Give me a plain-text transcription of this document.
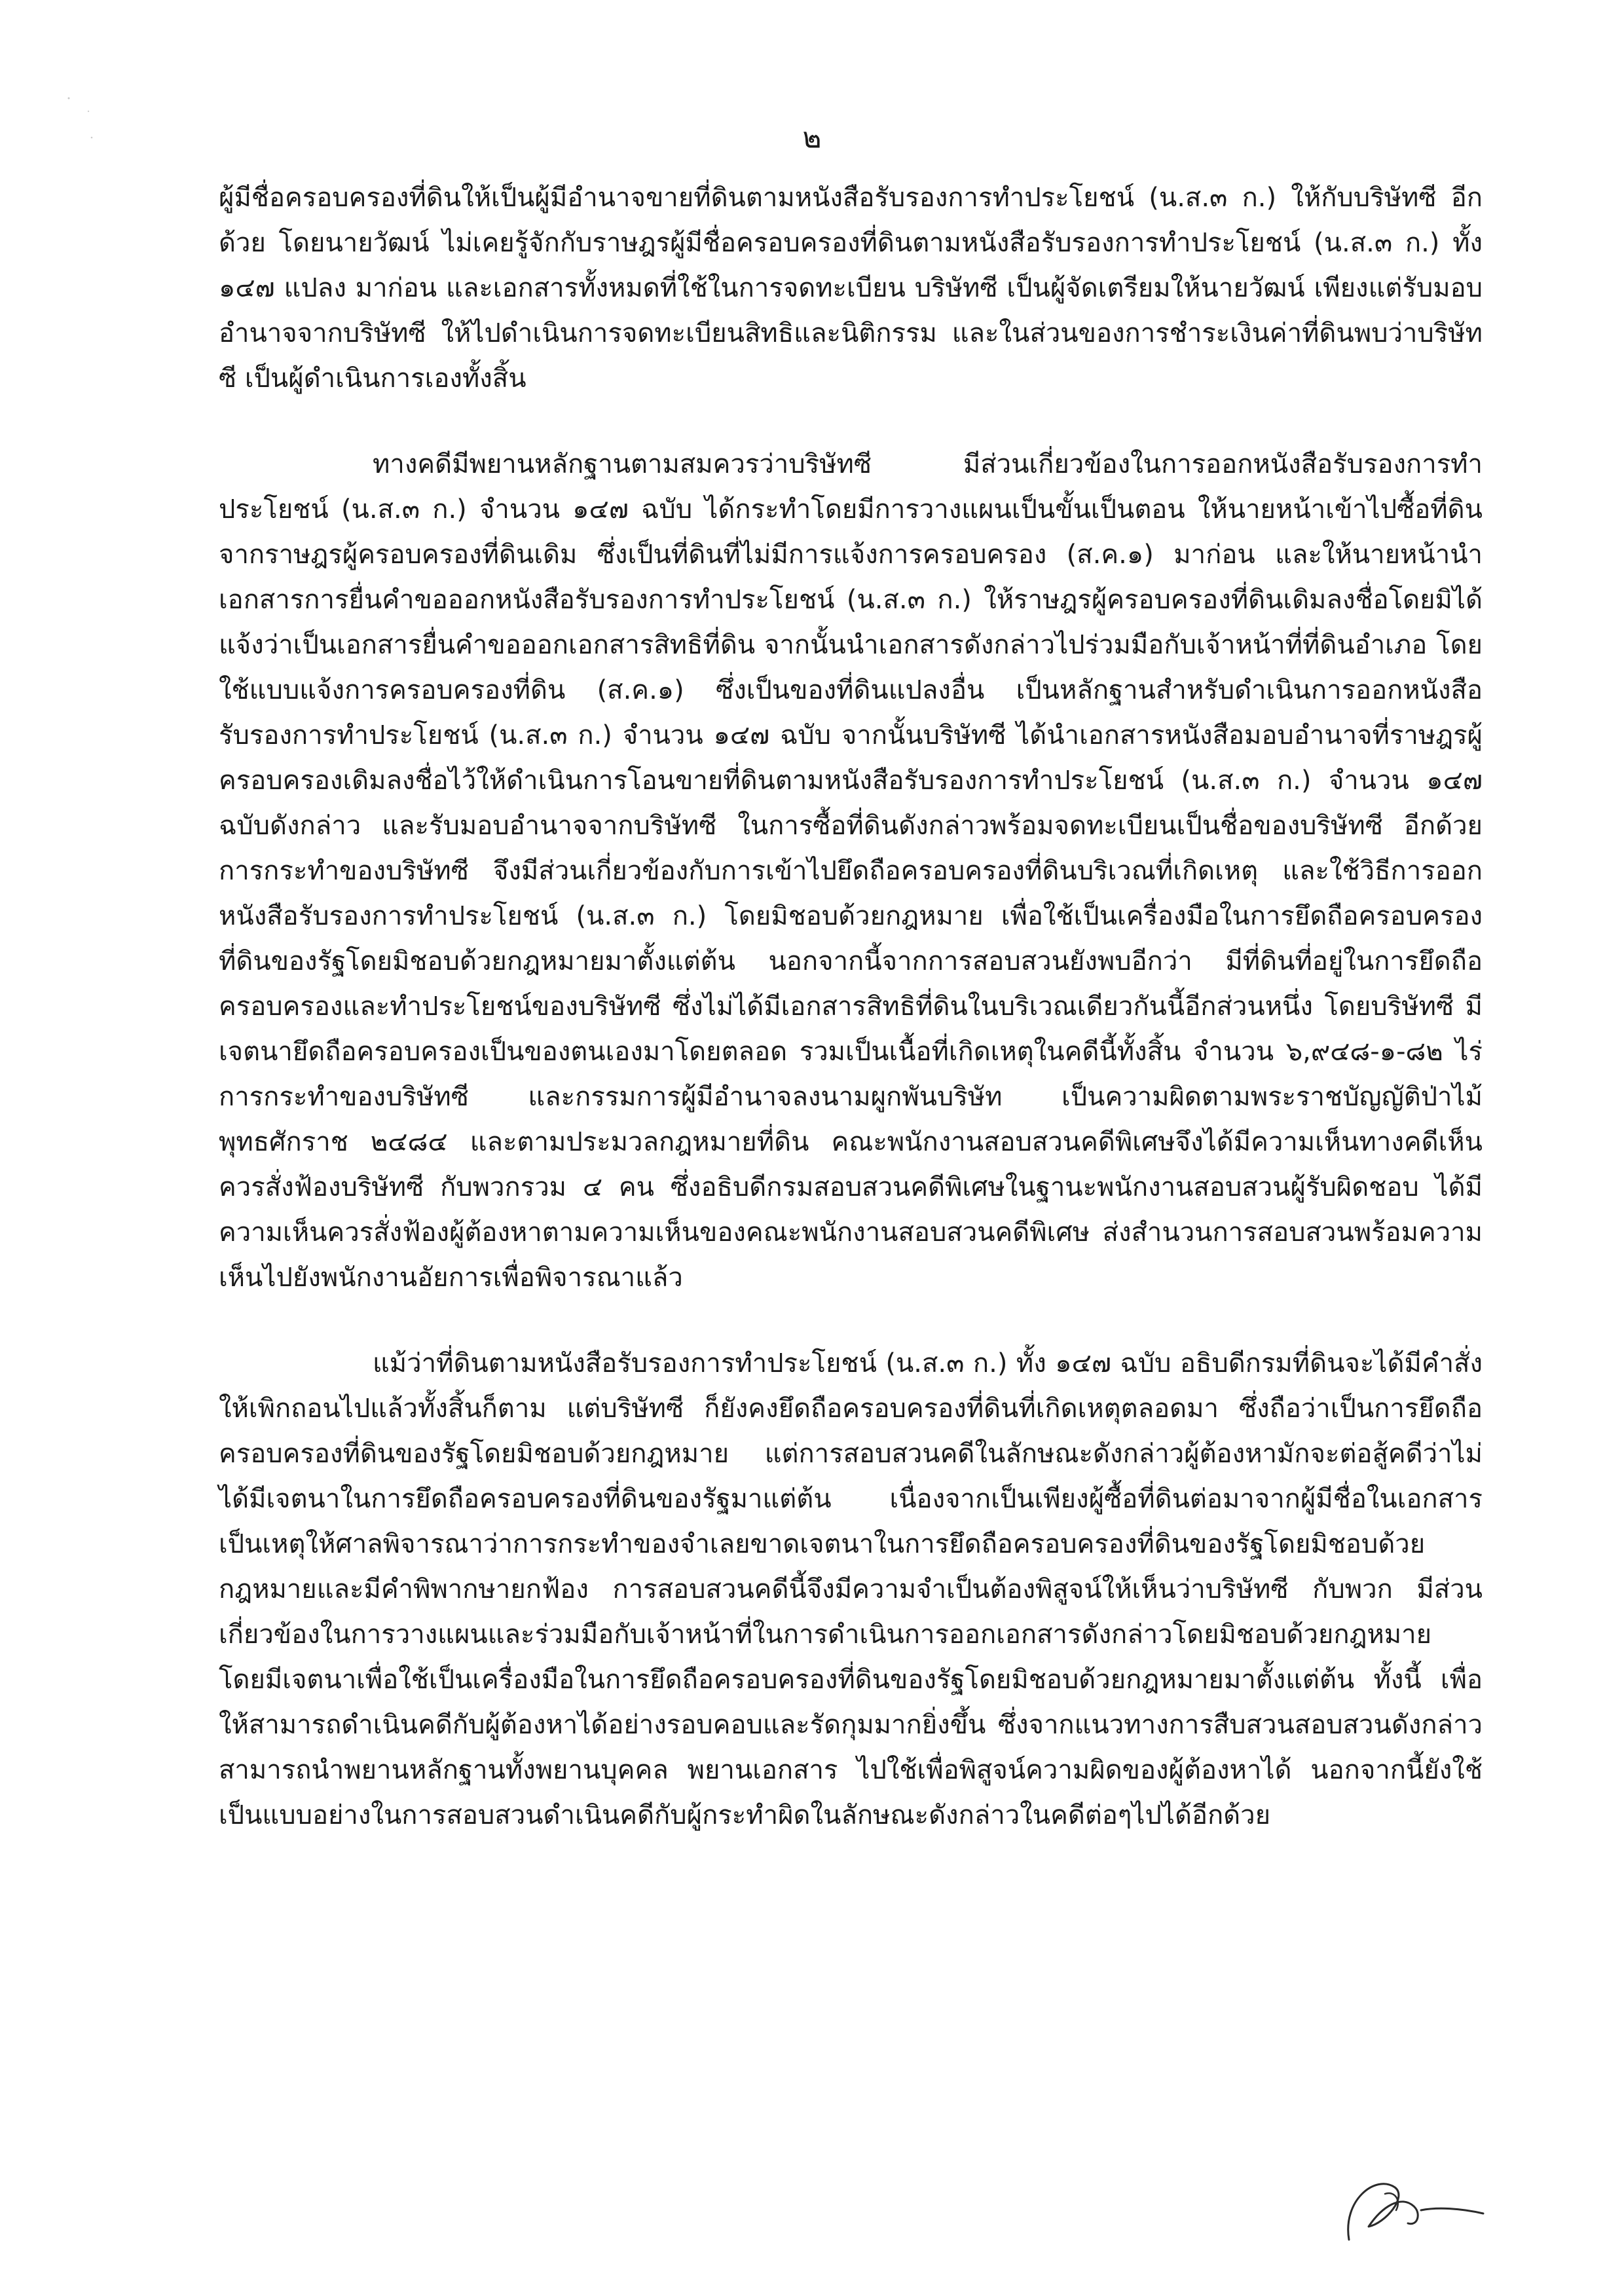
๒

ผู้มีชื่อครอบครองที่ดินให้เป็นผู้มีอำนาจขายที่ดินตามหนังสือรับรองการทำประโยชน์ (น.ส.๓ ก.) ให้กับบริษัทซี อีกด้วย โดยนายวัฒน์ ไม่เคยรู้จักกับราษฎรผู้มีชื่อครอบครองที่ดินตามหนังสือรับรองการทำประโยชน์ (น.ส.๓ ก.) ทั้ง ๑๔๗ แปลง มาก่อน และเอกสารทั้งหมดที่ใช้ในการจดทะเบียน บริษัทซี เป็นผู้จัดเตรียมให้นายวัฒน์ เพียงแต่รับมอบอำนาจจากบริษัทซี ให้ไปดำเนินการจดทะเบียนสิทธิและนิติกรรม และในส่วนของการชำระเงินค่าที่ดินพบว่าบริษัทซี เป็นผู้ดำเนินการเองทั้งสิ้น

ทางคดีมีพยานหลักฐานตามสมควรว่าบริษัทซี มีส่วนเกี่ยวข้องในการออกหนังสือรับรองการทำประโยชน์ (น.ส.๓ ก.) จำนวน ๑๔๗ ฉบับ ได้กระทำโดยมีการวางแผนเป็นขั้นเป็นตอน ให้นายหน้าเข้าไปซื้อที่ดินจากราษฎรผู้ครอบครองที่ดินเดิม ซึ่งเป็นที่ดินที่ไม่มีการแจ้งการครอบครอง (ส.ค.๑) มาก่อน และให้นายหน้านำเอกสารการยื่นคำขอออกหนังสือรับรองการทำประโยชน์ (น.ส.๓ ก.) ให้ราษฎรผู้ครอบครองที่ดินเดิมลงชื่อโดยมิได้แจ้งว่าเป็นเอกสารยื่นคำขอออกเอกสารสิทธิที่ดิน จากนั้นนำเอกสารดังกล่าวไปร่วมมือกับเจ้าหน้าที่ที่ดินอำเภอ โดยใช้แบบแจ้งการครอบครองที่ดิน (ส.ค.๑) ซึ่งเป็นของที่ดินแปลงอื่น เป็นหลักฐานสำหรับดำเนินการออกหนังสือรับรองการทำประโยชน์ (น.ส.๓ ก.) จำนวน ๑๔๗ ฉบับ จากนั้นบริษัทซี ได้นำเอกสารหนังสือมอบอำนาจที่ราษฎรผู้ครอบครองเดิมลงชื่อไว้ให้ดำเนินการโอนขายที่ดินตามหนังสือรับรองการทำประโยชน์ (น.ส.๓ ก.) จำนวน ๑๔๗ ฉบับดังกล่าว และรับมอบอำนาจจากบริษัทซี ในการซื้อที่ดินดังกล่าวพร้อมจดทะเบียนเป็นชื่อของบริษัทซี อีกด้วย การกระทำของบริษัทซี จึงมีส่วนเกี่ยวข้องกับการเข้าไปยึดถือครอบครองที่ดินบริเวณที่เกิดเหตุ และใช้วิธีการออกหนังสือรับรองการทำประโยชน์ (น.ส.๓ ก.) โดยมิชอบด้วยกฎหมาย เพื่อใช้เป็นเครื่องมือในการยึดถือครอบครองที่ดินของรัฐโดยมิชอบด้วยกฎหมายมาตั้งแต่ต้น นอกจากนี้จากการสอบสวนยังพบอีกว่า มีที่ดินที่อยู่ในการยึดถือครอบครองและทำประโยชน์ของบริษัทซี ซึ่งไม่ได้มีเอกสารสิทธิที่ดินในบริเวณเดียวกันนี้อีกส่วนหนึ่ง โดยบริษัทซี มีเจตนายึดถือครอบครองเป็นของตนเองมาโดยตลอด รวมเป็นเนื้อที่เกิดเหตุในคดีนี้ทั้งสิ้น จำนวน ๖,๙๔๘-๑-๘๒ ไร่ การกระทำของบริษัทซี และกรรมการผู้มีอำนาจลงนามผูกพันบริษัท เป็นความผิดตามพระราชบัญญัติป่าไม้ พุทธศักราช ๒๔๘๔ และตามประมวลกฎหมายที่ดิน คณะพนักงานสอบสวนคดีพิเศษจึงได้มีความเห็นทางคดีเห็นควรสั่งฟ้องบริษัทซี กับพวกรวม ๔ คน ซึ่งอธิบดีกรมสอบสวนคดีพิเศษในฐานะพนักงานสอบสวนผู้รับผิดชอบ ได้มีความเห็นควรสั่งฟ้องผู้ต้องหาตามความเห็นของคณะพนักงานสอบสวนคดีพิเศษ ส่งสำนวนการสอบสวนพร้อมความเห็นไปยังพนักงานอัยการเพื่อพิจารณาแล้ว

แม้ว่าที่ดินตามหนังสือรับรองการทำประโยชน์ (น.ส.๓ ก.) ทั้ง ๑๔๗ ฉบับ อธิบดีกรมที่ดินจะได้มีคำสั่งให้เพิกถอนไปแล้วทั้งสิ้นก็ตาม แต่บริษัทซี ก็ยังคงยึดถือครอบครองที่ดินที่เกิดเหตุตลอดมา ซึ่งถือว่าเป็นการยึดถือครอบครองที่ดินของรัฐโดยมิชอบด้วยกฎหมาย แต่การสอบสวนคดีในลักษณะดังกล่าวผู้ต้องหามักจะต่อสู้คดีว่าไม่ได้มีเจตนาในการยึดถือครอบครองที่ดินของรัฐมาแต่ต้น เนื่องจากเป็นเพียงผู้ซื้อที่ดินต่อมาจากผู้มีชื่อในเอกสาร เป็นเหตุให้ศาลพิจารณาว่าการกระทำของจำเลยขาดเจตนาในการยึดถือครอบครองที่ดินของรัฐโดยมิชอบด้วยกฎหมายและมีคำพิพากษายกฟ้อง การสอบสวนคดีนี้จึงมีความจำเป็นต้องพิสูจน์ให้เห็นว่าบริษัทซี กับพวก มีส่วนเกี่ยวข้องในการวางแผนและร่วมมือกับเจ้าหน้าที่ในการดำเนินการออกเอกสารดังกล่าวโดยมิชอบด้วยกฎหมาย โดยมีเจตนาเพื่อใช้เป็นเครื่องมือในการยึดถือครอบครองที่ดินของรัฐโดยมิชอบด้วยกฎหมายมาตั้งแต่ต้น ทั้งนี้ เพื่อให้สามารถดำเนินคดีกับผู้ต้องหาได้อย่างรอบคอบและรัดกุมมากยิ่งขึ้น ซึ่งจากแนวทางการสืบสวนสอบสวนดังกล่าว สามารถนำพยานหลักฐานทั้งพยานบุคคล พยานเอกสาร ไปใช้เพื่อพิสูจน์ความผิดของผู้ต้องหาได้ นอกจากนี้ยังใช้เป็นแบบอย่างในการสอบสวนดำเนินคดีกับผู้กระทำผิดในลักษณะดังกล่าวในคดีต่อๆไปได้อีกด้วย
